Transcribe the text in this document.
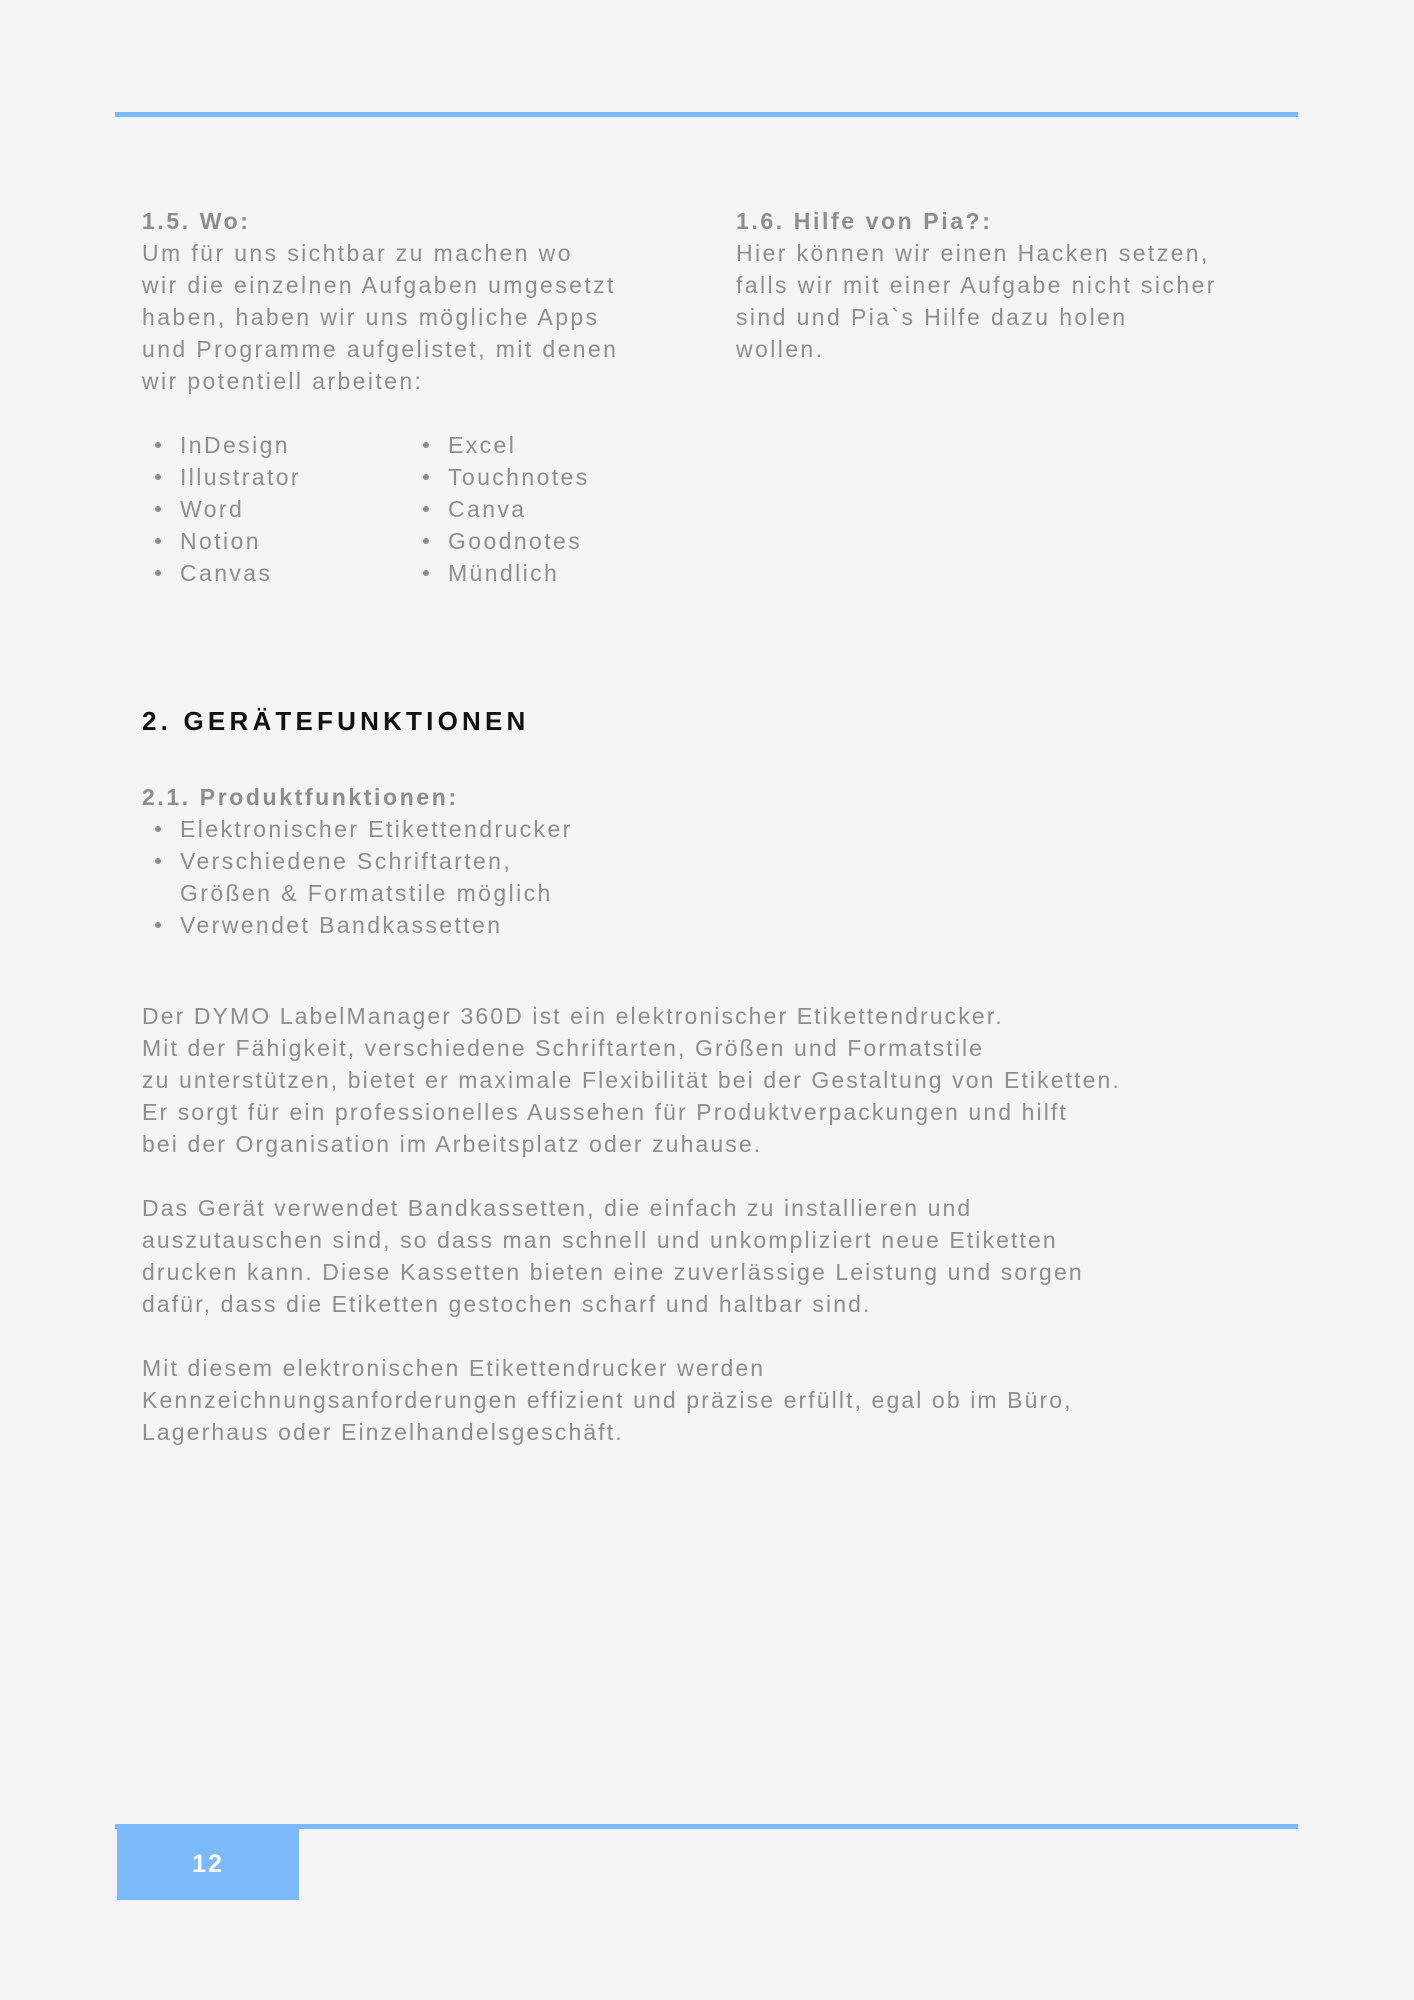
1.5. Wo:
Um für uns sichtbar zu machen wo
wir die einzelnen Aufgaben umgesetzt
haben, haben wir uns mögliche Apps
und Programme aufgelistet, mit denen
wir potentiell arbeiten:
InDesign
Illustrator
Word
Notion
Canvas
Excel
Touchnotes
Canva
Goodnotes
Mündlich
1.6. Hilfe von Pia?:
Hier können wir einen Hacken setzen,
falls wir mit einer Aufgabe nicht sicher
sind und Pia`s Hilfe dazu holen
wollen.
2. GERÄTEFUNKTIONEN
2.1. Produktfunktionen:
Elektronischer Etikettendrucker
Verschiedene Schriftarten,
Größen & Formatstile möglich
Verwendet Bandkassetten

Der DYMO LabelManager 360D ist ein elektronischer Etikettendrucker.
Mit der Fähigkeit, verschiedene Schriftarten, Größen und Formatstile
zu unterstützen, bietet er maximale Flexibilität bei der Gestaltung von Etiketten.
Er sorgt für ein professionelles Aussehen für Produktverpackungen und hilft
bei der Organisation im Arbeitsplatz oder zuhause.

Das Gerät verwendet Bandkassetten, die einfach zu installieren und
auszutauschen sind, so dass man schnell und unkompliziert neue Etiketten
drucken kann. Diese Kassetten bieten eine zuverlässige Leistung und sorgen
dafür, dass die Etiketten gestochen scharf und haltbar sind.

Mit diesem elektronischen Etikettendrucker werden
Kennzeichnungsanforderungen effizient und präzise erfüllt, egal ob im Büro,
Lagerhaus oder Einzelhandelsgeschäft.

12
